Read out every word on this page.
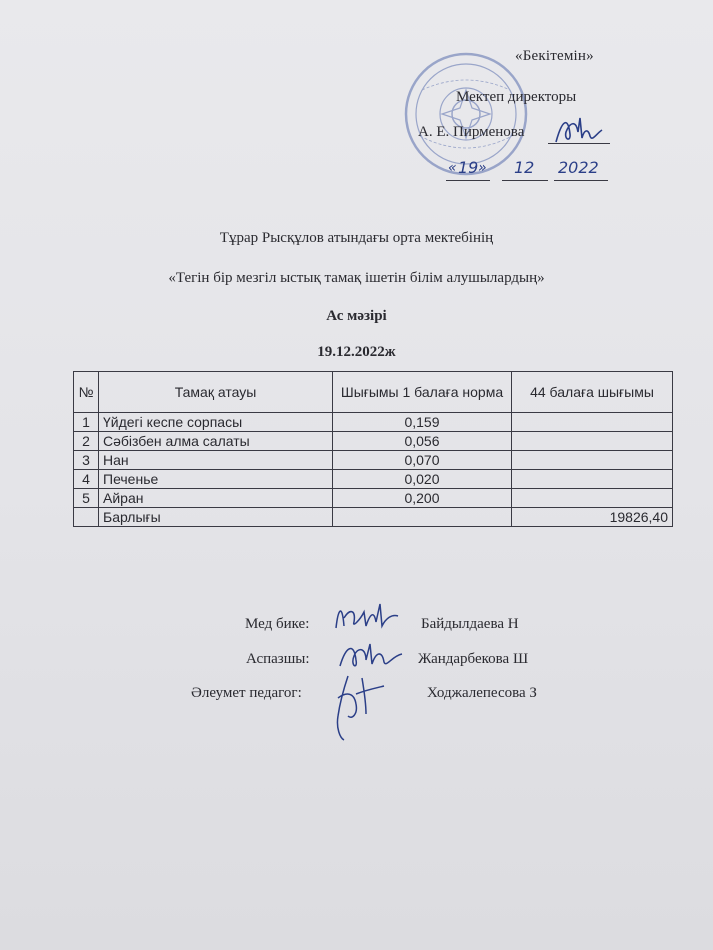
«Бекітемін»
Мектеп директоры
А. Е. Пирменова
« 19 » 12 2022
Тұрар Рысқұлов атындағы орта мектебінің
«Тегін бір мезгіл ыстық тамақ ішетін білім алушылардың»
Ас мәзірі
19.12.2022ж
№	Тамақ атауы	Шығымы 1 балаға норма	44 балаға шығымы
1	Үйдегі кеспе сорпасы	0,159	
2	Сәбізбен алма салаты	0,056	
3	Нан	0,070	
4	Печенье	0,020	
5	Айран	0,200	
	Барлығы		19826,40
Мед бике:	Байдылдаева Н
Аспазшы:	Жандарбекова Ш
Әлеумет педагог:	Ходжалепесова З
